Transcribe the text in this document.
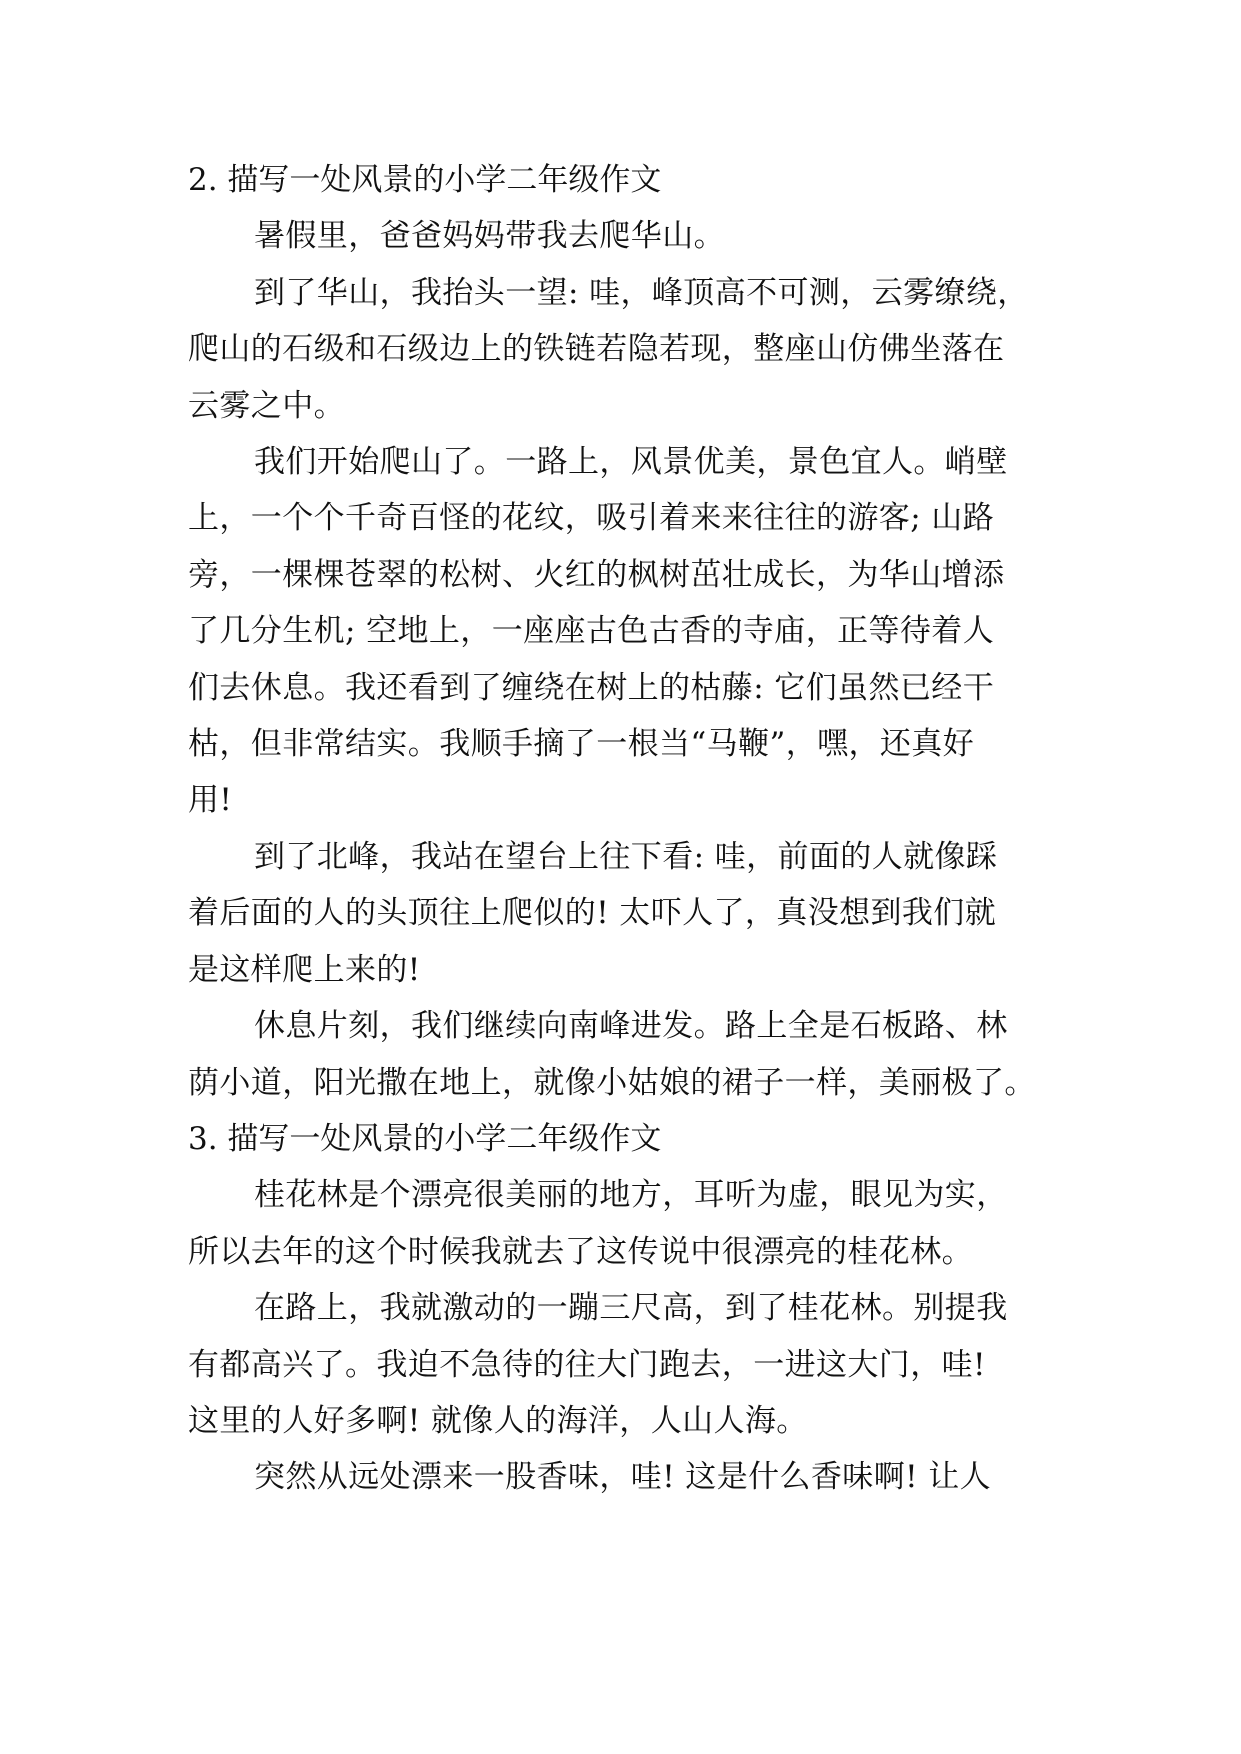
2. 描写一处风景的小学二年级作文
暑假里，爸爸妈妈带我去爬华山。
到了华山，我抬头一望: 哇，峰顶高不可测，云雾缭绕，
爬山的石级和石级边上的铁链若隐若现，整座山仿佛坐落在
云雾之中。
我们开始爬山了。一路上，风景优美，景色宜人。峭壁
上，一个个千奇百怪的花纹，吸引着来来往往的游客; 山路
旁，一棵棵苍翠的松树、火红的枫树茁壮成长，为华山增添
了几分生机; 空地上，一座座古色古香的寺庙，正等待着人
们去休息。我还看到了缠绕在树上的枯藤: 它们虽然已经干
枯，但非常结实。我顺手摘了一根当“马鞭”，嘿，还真好
用!
到了北峰，我站在望台上往下看: 哇，前面的人就像踩
着后面的人的头顶往上爬似的! 太吓人了，真没想到我们就
是这样爬上来的!
休息片刻，我们继续向南峰进发。路上全是石板路、林
荫小道，阳光撒在地上，就像小姑娘的裙子一样，美丽极了。
3. 描写一处风景的小学二年级作文
桂花林是个漂亮很美丽的地方，耳听为虚，眼见为实，
所以去年的这个时候我就去了这传说中很漂亮的桂花林。
在路上，我就激动的一蹦三尺高，到了桂花林。别提我
有都高兴了。我迫不急待的往大门跑去，一进这大门，哇!
这里的人好多啊! 就像人的海洋，人山人海。
突然从远处漂来一股香味，哇! 这是什么香味啊! 让人
